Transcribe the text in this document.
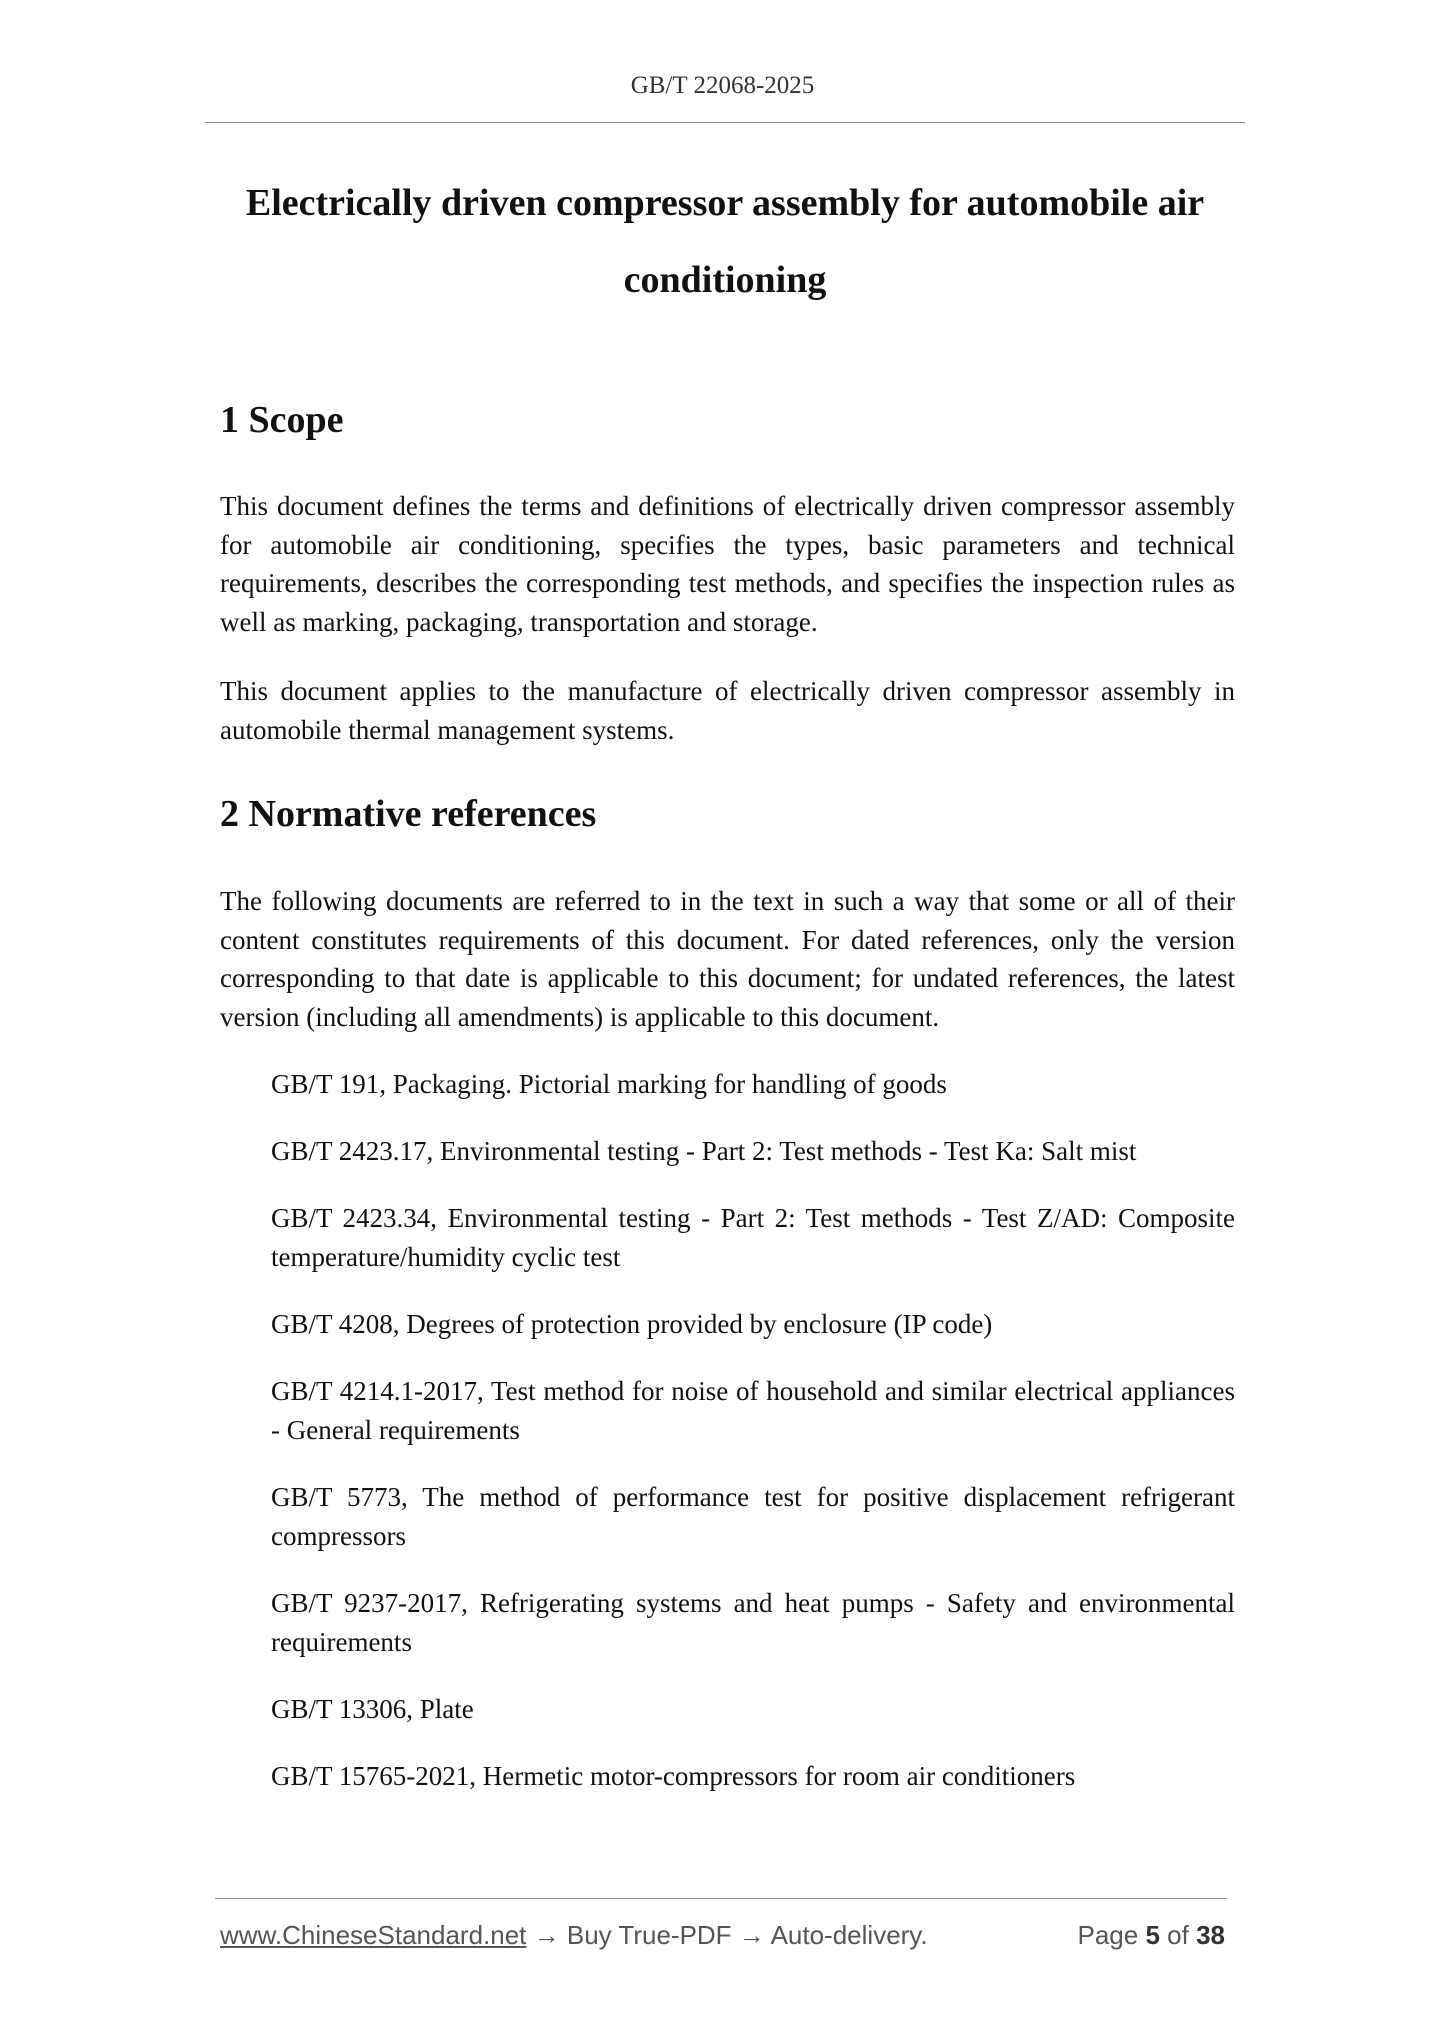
GB/T 22068-2025
Electrically driven compressor assembly for automobile air
conditioning
1 Scope

This document defines the terms and definitions of electrically driven compressor assembly for automobile air conditioning, specifies the types, basic parameters and technical requirements, describes the corresponding test methods, and specifies the inspection rules as well as marking, packaging, transportation and storage.

This document applies to the manufacture of electrically driven compressor assembly in automobile thermal management systems.

2 Normative references

The following documents are referred to in the text in such a way that some or all of their content constitutes requirements of this document. For dated references, only the version corresponding to that date is applicable to this document; for undated references, the latest version (including all amendments) is applicable to this document.

GB/T 191, Packaging. Pictorial marking for handling of goods

GB/T 2423.17, Environmental testing - Part 2: Test methods - Test Ka: Salt mist

GB/T 2423.34, Environmental testing - Part 2: Test methods - Test Z/AD: Composite temperature/humidity cyclic test

GB/T 4208, Degrees of protection provided by enclosure (IP code)

GB/T 4214.1-2017, Test method for noise of household and similar electrical appliances - General requirements

GB/T 5773, The method of performance test for positive displacement refrigerant compressors

GB/T 9237-2017, Refrigerating systems and heat pumps - Safety and environmental requirements

GB/T 13306, Plate

GB/T 15765-2021, Hermetic motor-compressors for room air conditioners

www.ChineseStandard.net → Buy True-PDF → Auto-delivery.	Page 5 of 38
